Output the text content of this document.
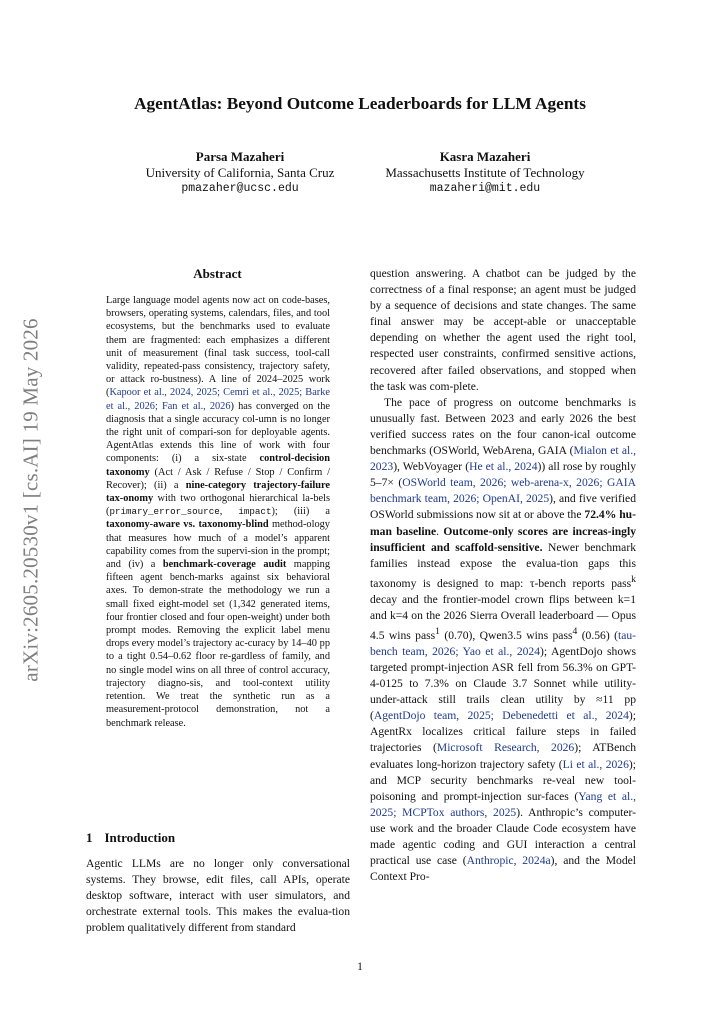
arXiv:2605.20530v1 [cs.AI] 19 May 2026
AgentAtlas: Beyond Outcome Leaderboards for LLM Agents
Parsa Mazaheri
University of California, Santa Cruz
pmazaher@ucsc.edu
Kasra Mazaheri
Massachusetts Institute of Technology
mazaheri@mit.edu
Abstract
Large language model agents now act on code-bases, browsers, operating systems, calendars, files, and tool ecosystems, but the benchmarks used to evaluate them are fragmented: each emphasizes a different unit of measurement (final task success, tool-call validity, repeated-pass consistency, trajectory safety, or attack ro-bustness). A line of 2024–2025 work (Kapoor et al., 2024, 2025; Cemri et al., 2025; Barke et al., 2026; Fan et al., 2026) has converged on the diagnosis that a single accuracy col-umn is no longer the right unit of compari-son for deployable agents. AgentAtlas extends this line of work with four components: (i) a six-state control-decision taxonomy (Act / Ask / Refuse / Stop / Confirm / Recover); (ii) a nine-category trajectory-failure tax-onomy with two orthogonal hierarchical la-bels (primary_error_source, impact); (iii) a taxonomy-aware vs. taxonomy-blind method-ology that measures how much of a model’s apparent capability comes from the supervi-sion in the prompt; and (iv) a benchmark-coverage audit mapping fifteen agent bench-marks against six behavioral axes. To demon-strate the methodology we run a small fixed eight-model set (1,342 generated items, four frontier closed and four open-weight) under both prompt modes. Removing the explicit label menu drops every model’s trajectory ac-curacy by 14–40 pp to a tight 0.54–0.62 floor re-gardless of family, and no single model wins on all three of control accuracy, trajectory diagno-sis, and tool-context utility retention. We treat the synthetic run as a measurement-protocol demonstration, not a benchmark release.
1 Introduction
Agentic LLMs are no longer only conversational systems. They browse, edit files, call APIs, operate desktop software, interact with user simulators, and orchestrate external tools. This makes the evalua-tion problem qualitatively different from standard

question answering. A chatbot can be judged by the correctness of a final response; an agent must be judged by a sequence of decisions and state changes. The same final answer may be accept-able or unacceptable depending on whether the agent used the right tool, respected user constraints, confirmed sensitive actions, recovered after failed observations, and stopped when the task was com-plete.

The pace of progress on outcome benchmarks is unusually fast. Between 2023 and early 2026 the best verified success rates on the four canon-ical outcome benchmarks (OSWorld, WebArena, GAIA (Mialon et al., 2023), WebVoyager (He et al., 2024)) all rose by roughly 5–7× (OSWorld team, 2026; web-arena-x, 2026; GAIA benchmark team, 2026; OpenAI, 2025), and five verified OSWorld submissions now sit at or above the 72.4% hu-man baseline. Outcome-only scores are increas-ingly insufficient and scaffold-sensitive. Newer benchmark families instead expose the evalua-tion gaps this taxonomy is designed to map: τ-bench reports pass$^k$ decay and the frontier-model crown flips between k=1 and k=4 on the 2026 Sierra Overall leaderboard — Opus 4.5 wins pass$^1$ (0.70), Qwen3.5 wins pass$^4$ (0.56) (tau-bench team, 2026; Yao et al., 2024); AgentDojo shows targeted prompt-injection ASR fell from 56.3% on GPT-4-0125 to 7.3% on Claude 3.7 Sonnet while utility-under-attack still trails clean utility by ≈11 pp (AgentDojo team, 2025; Debenedetti et al., 2024); AgentRx localizes critical failure steps in failed trajectories (Microsoft Research, 2026); ATBench evaluates long-horizon trajectory safety (Li et al., 2026); and MCP security benchmarks re-veal new tool-poisoning and prompt-injection sur-faces (Yang et al., 2025; MCPTox authors, 2025). Anthropic’s computer-use work and the broader Claude Code ecosystem have made agentic coding and GUI interaction a central practical use case (Anthropic, 2024a), and the Model Context Pro-

1
